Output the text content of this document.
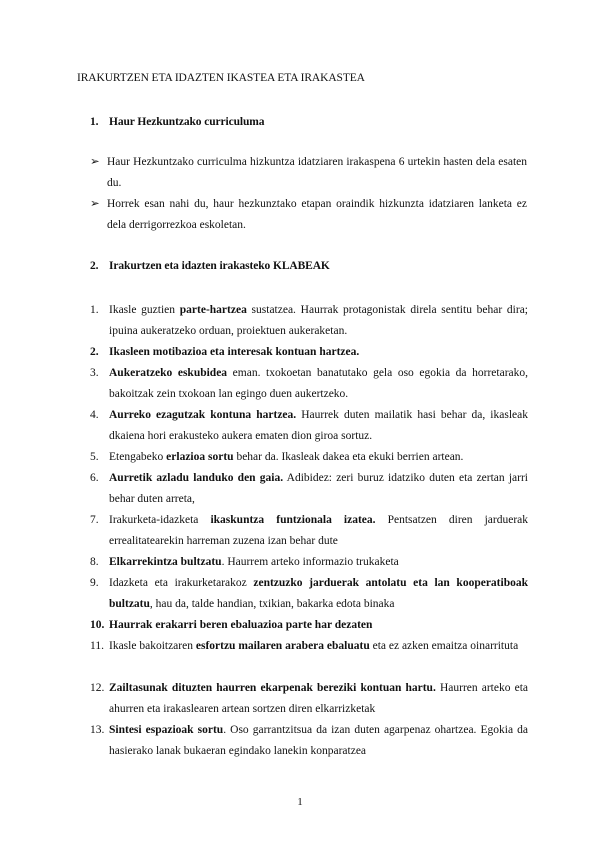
IRAKURTZEN ETA IDAZTEN IKASTEA ETA IRAKASTEA
1. Haur Hezkuntzako curriculuma
➢ Haur Hezkuntzako curriculma hizkuntza idatziaren irakaspena 6 urtekin hasten dela esaten du.
➢ Horrek esan nahi du, haur hezkunztako etapan oraindik hizkunzta idatziaren lanketa ez dela derrigorrezkoa eskoletan.
2. Irakurtzen eta idazten irakasteko KLABEAK
1. Ikasle guztien parte-hartzea sustatzea. Haurrak protagonistak direla sentitu behar dira; ipuina aukeratzeko orduan, proiektuen aukeraketan.
2. Ikasleen motibazioa eta interesak kontuan hartzea.
3. Aukeratzeko eskubidea eman. txokoetan banatutako gela oso egokia da horretarako, bakoitzak zein txokoan lan egingo duen aukertzeko.
4. Aurreko ezagutzak kontuna hartzea. Haurrek duten mailatik hasi behar da, ikasleak dkaiena hori erakusteko aukera ematen dion giroa sortuz.
5. Etengabeko erlazioa sortu behar da. Ikasleak dakea eta ekuki berrien artean.
6. Aurretik azladu landuko den gaia. Adibidez: zeri buruz idatziko duten eta zertan jarri behar duten arreta,
7. Irakurketa-idazketa ikaskuntza funtzionala izatea. Pentsatzen diren jarduerak errealitatearekin harreman zuzena izan behar dute
8. Elkarrekintza bultzatu. Haurrem arteko informazio trukaketa
9. Idazketa eta irakurketarakoz zentzuzko jarduerak antolatu eta lan kooperatiboak bultzatu, hau da, talde handian, txikian, bakarka edota binaka
10. Haurrak erakarri beren ebaluazioa parte har dezaten
11. Ikasle bakoitzaren esfortzu mailaren arabera ebaluatu eta ez azken emaitza oinarrituta
12. Zailtasunak dituzten haurren ekarpenak bereziki kontuan hartu. Haurren arteko eta ahurren eta irakaslearen artean sortzen diren elkarrizketak
13. Sintesi espazioak sortu. Oso garrantzitsua da izan duten agarpenaz ohartzea. Egokia da hasierako lanak bukaeran egindako lanekin konparatzea
1
